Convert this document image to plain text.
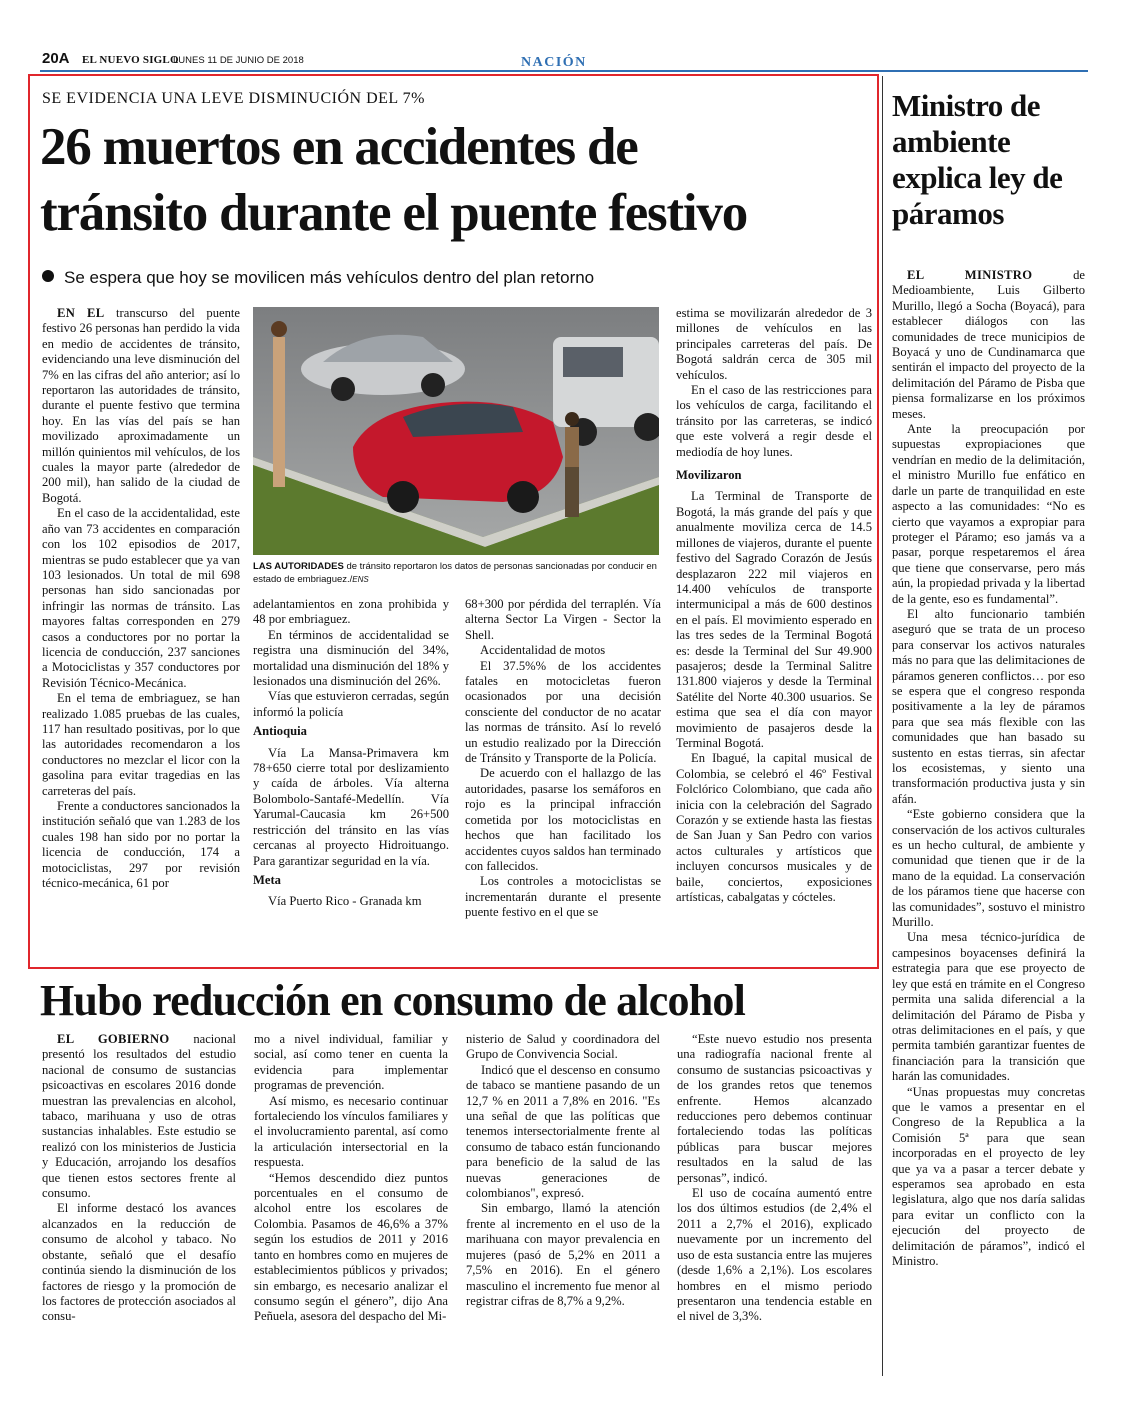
20A EL NUEVO SIGLO
LUNES 11 DE JUNIO DE 2018	NACIÓN
SE EVIDENCIA UNA LEVE DISMINUCIÓN DEL 7%
26 muertos en accidentes de
tránsito durante el puente festivo
Se espera que hoy se movilicen más vehículos dentro del plan retorno

EN EL transcurso del puente festivo 26 personas han perdido la vida en medio de accidentes de tránsito, evidenciando una leve disminución del 7% en las cifras del año anterior; así lo reportaron las autoridades de tránsito, durante el puente festivo que termina hoy. En las vías del país se han movilizado aproximadamente un millón quinientos mil vehículos, de los cuales la mayor parte (alrededor de 200 mil), han salido de la ciudad de Bogotá.

En el caso de la accidentalidad, este año van 73 accidentes en comparación con los 102 episodios de 2017, mientras se pudo establecer que ya van 103 lesionados. Un total de mil 698 personas han sido sancionadas por infringir las normas de tránsito. Las mayores faltas corresponden en 279 casos a conductores por no portar la licencia de conducción, 237 sanciones a Motociclistas y 357 conductores por Revisión Técnico-Mecánica.

En el tema de embriaguez, se han realizado 1.085 pruebas de las cuales, 117 han resultado positivas, por lo que las autoridades recomendaron a los conductores no mezclar el licor con la gasolina para evitar tragedias en las carreteras del país.

Frente a conductores sancionados la institución señaló que van 1.283 de los cuales 198 han sido por no portar la licencia de conducción, 174 a motociclistas, 297 por revisión técnico-mecánica, 61 por

LAS AUTORIDADES de tránsito reportaron los datos de personas sancionadas por conducir en estado de embriaguez./ENS

adelantamientos en zona prohibida y 48 por embriaguez.

En términos de accidentalidad se registra una disminución del 34%, mortalidad una disminución del 18% y lesionados una disminución del 26%.

Vías que estuvieron cerradas, según informó la policía

Antioquia

Vía La Mansa-Primavera km 78+650 cierre total por deslizamiento y caída de árboles. Vía alterna Bolombolo-Santafé-Medellín. Vía Yarumal-Caucasia km 26+500 restricción del tránsito en las vías cercanas al proyecto Hidroituango. Para garantizar seguridad en la vía.

Meta

Vía Puerto Rico - Granada km

68+300 por pérdida del terraplén. Vía alterna Sector La Virgen - Sector la Shell.

Accidentalidad de motos

El 37.5%% de los accidentes fatales en motocicletas fueron ocasionados por una decisión consciente del conductor de no acatar las normas de tránsito. Así lo reveló un estudio realizado por la Dirección de Tránsito y Transporte de la Policía.

De acuerdo con el hallazgo de las autoridades, pasarse los semáforos en rojo es la principal infracción cometida por los motociclistas en hechos que han facilitado los accidentes cuyos saldos han terminado con fallecidos.

Los controles a motociclistas se incrementarán durante el presente puente festivo en el que se

estima se movilizarán alrededor de 3 millones de vehículos en las principales carreteras del país. De Bogotá saldrán cerca de 305 mil vehículos.

En el caso de las restricciones para los vehículos de carga, facilitando el tránsito por las carreteras, se indicó que este volverá a regir desde el mediodía de hoy lunes.

Movilizaron

La Terminal de Transporte de Bogotá, la más grande del país y que anualmente moviliza cerca de 14.5 millones de viajeros, durante el puente festivo del Sagrado Corazón de Jesús desplazaron 222 mil viajeros en 14.400 vehículos de transporte intermunicipal a más de 600 destinos en el país. El movimiento esperado en las tres sedes de la Terminal Bogotá es: desde la Terminal del Sur 49.900 pasajeros; desde la Terminal Salitre 131.800 viajeros y desde la Terminal Satélite del Norte 40.300 usuarios. Se estima que sea el día con mayor movimiento de pasajeros desde la Terminal Bogotá.

En Ibagué, la capital musical de Colombia, se celebró el 46º Festival Folclórico Colombiano, que cada año inicia con la celebración del Sagrado Corazón y se extiende hasta las fiestas de San Juan y San Pedro con varios actos culturales y artísticos que incluyen concursos musicales y de baile, conciertos, exposiciones artísticas, cabalgatas y cócteles.

Hubo reducción en consumo de alcohol

EL GOBIERNO nacional presentó los resultados del estudio nacional de consumo de sustancias psicoactivas en escolares 2016 donde muestran las prevalencias en alcohol, tabaco, marihuana y uso de otras sustancias inhalables. Este estudio se realizó con los ministerios de Justicia y Educación, arrojando los desafíos que tienen estos sectores frente al consumo.

El informe destacó los avances alcanzados en la reducción de consumo de alcohol y tabaco. No obstante, señaló que el desafío continúa siendo la disminución de los factores de riesgo y la promoción de los factores de protección asociados al consu-

mo a nivel individual, familiar y social, así como tener en cuenta la evidencia para implementar programas de prevención.

Así mismo, es necesario continuar fortaleciendo los vínculos familiares y el involucramiento parental, así como la articulación intersectorial en la respuesta.

“Hemos descendido diez puntos porcentuales en el consumo de alcohol entre los escolares de Colombia. Pasamos de 46,6% a 37% según los estudios de 2011 y 2016 tanto en hombres como en mujeres de establecimientos públicos y privados; sin embargo, es necesario analizar el consumo según el género”, dijo Ana Peñuela, asesora del despacho del Mi-

nisterio de Salud y coordinadora del Grupo de Convivencia Social.

Indicó que el descenso en consumo de tabaco se mantiene pasando de un 12,7 % en 2011 a 7,8% en 2016. "Es una señal de que las políticas que tenemos intersectorialmente frente al consumo de tabaco están funcionando para beneficio de la salud de las nuevas generaciones de colombianos", expresó.

Sin embargo, llamó la atención frente al incremento en el uso de la marihuana con mayor prevalencia en mujeres (pasó de 5,2% en 2011 a 7,5% en 2016). En el género masculino el incremento fue menor al registrar cifras de 8,7% a 9,2%.

“Este nuevo estudio nos presenta una radiografía nacional frente al consumo de sustancias psicoactivas y de los grandes retos que tenemos enfrente. Hemos alcanzado reducciones pero debemos continuar fortaleciendo todas las políticas públicas para buscar mejores resultados en la salud de las personas”, indicó.

El uso de cocaína aumentó entre los dos últimos estudios (de 2,4% el 2011 a 2,7% el 2016), explicado nuevamente por un incremento del uso de esta sustancia entre las mujeres (desde 1,6% a 2,1%). Los escolares hombres en el mismo periodo presentaron una tendencia estable en el nivel de 3,3%.

Ministro de ambiente explica ley de páramos

EL MINISTRO	de Medioambiente, Luis Gilberto Murillo, llegó a Socha (Boyacá), para establecer diálogos con las comunidades de trece municipios de Boyacá y uno de Cundinamarca que sentirán el impacto del proyecto de la delimitación del Páramo de Pisba que piensa formalizarse en los próximos meses.

Ante la preocupación por supuestas expropiaciones que vendrían en medio de la delimitación, el ministro Murillo fue enfático en darle un parte de tranquilidad en este aspecto a las comunidades: “No es cierto que vayamos a expropiar para proteger el Páramo; eso jamás va a pasar, porque respetaremos el área que tiene que conservarse, pero más aún, la propiedad privada y la libertad de la gente, eso es fundamental”.

El alto funcionario también aseguró que se trata de un proceso para conservar los activos naturales más no para que las delimitaciones de páramos generen conflictos… por eso se espera que el congreso responda positivamente a la ley de páramos para que sea más flexible con las comunidades que han basado su sustento en estas tierras, sin afectar los ecosistemas, y siento una transformación productiva justa y sin afán.

“Este gobierno considera que la conservación de los activos culturales es un hecho cultural, de ambiente y comunidad que tienen que ir de la mano de la equidad. La conservación de los páramos tiene que hacerse con las comunidades”, sostuvo el ministro Murillo.

Una mesa técnico-jurídica de campesinos boyacenses definirá la estrategia para que ese proyecto de ley que está en trámite en el Congreso permita una salida diferencial a la delimitación del Páramo de Pisba y otras delimitaciones en el país, y que permita también garantizar fuentes de financiación para la transición que harán las comunidades.

“Unas propuestas muy concretas que le vamos a presentar en el Congreso de la Republica a la Comisión 5ª para que sean incorporadas en el proyecto de ley que ya va a pasar a tercer debate y esperamos sea aprobado en esta legislatura, algo que nos daría salidas para evitar un conflicto con la ejecución del proyecto de delimitación de páramos”, indicó el Ministro.
